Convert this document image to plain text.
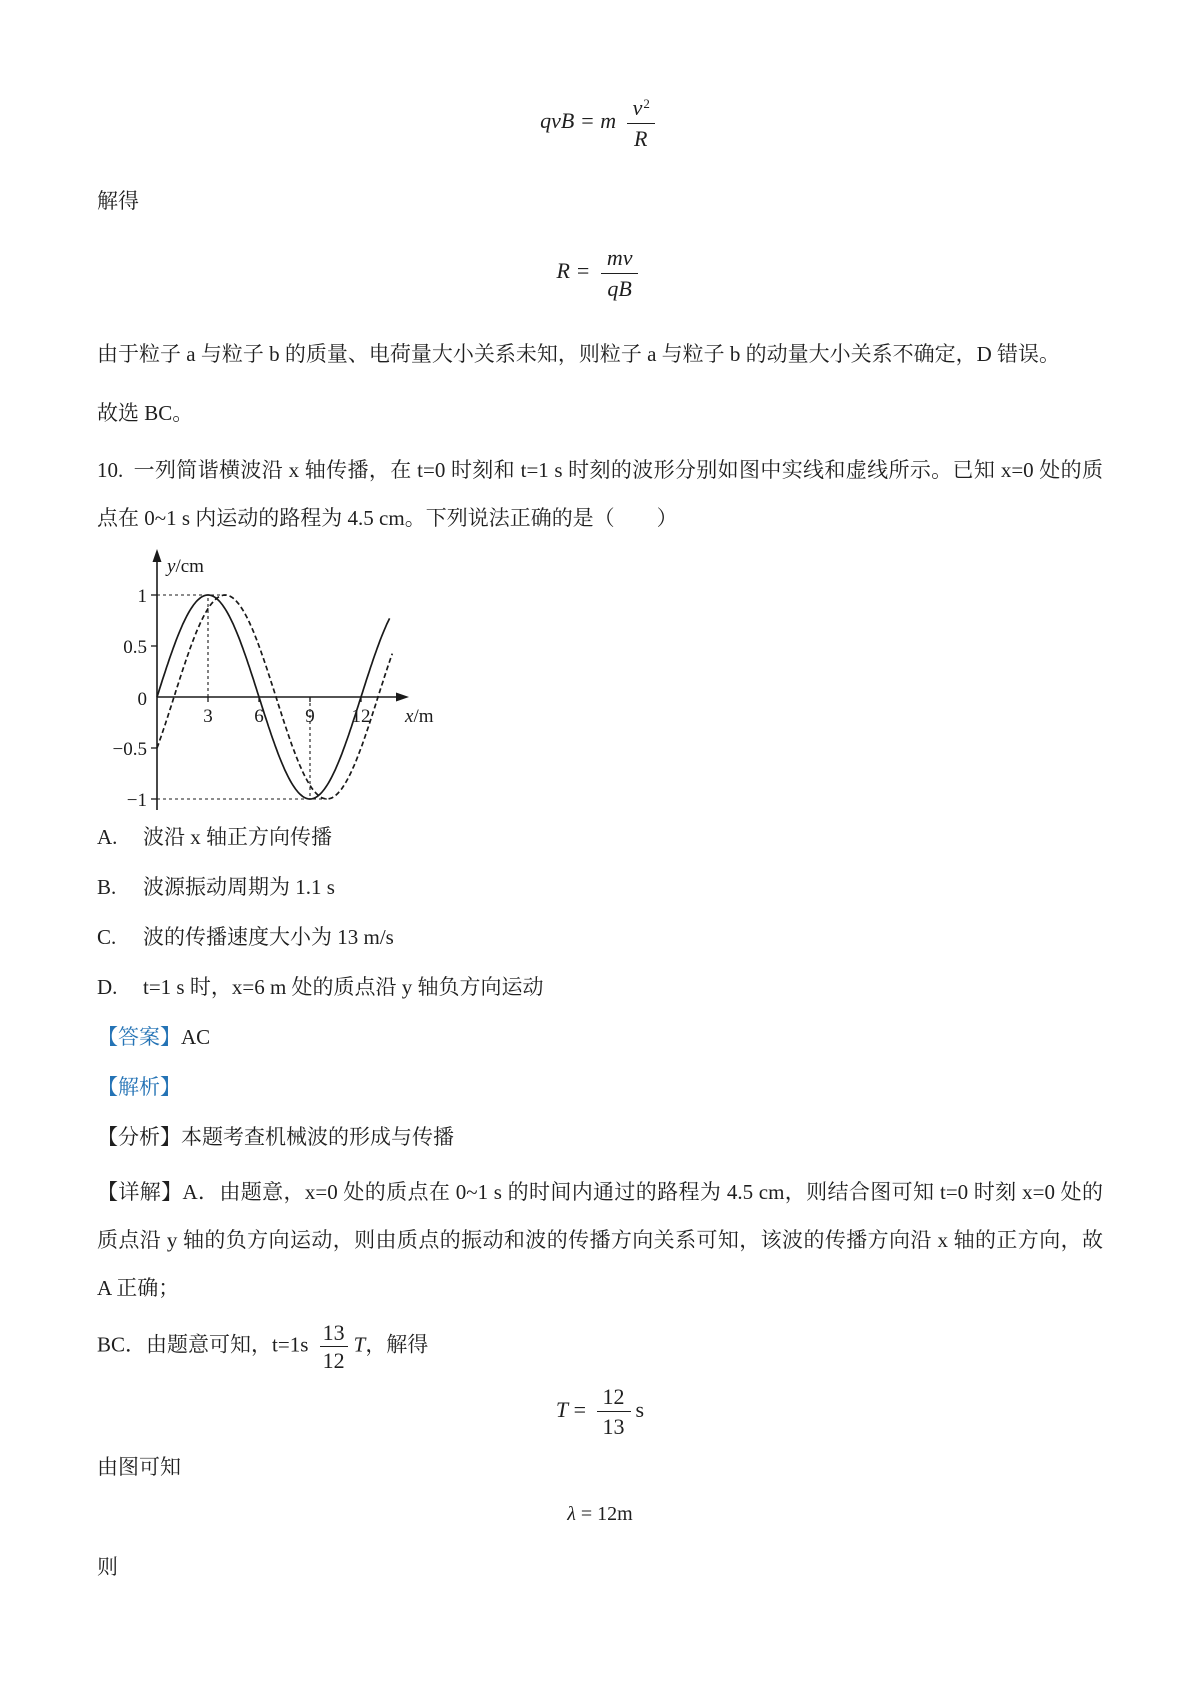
qvB = m $\frac{v^2}{R}$
解得
$R = \frac{mv}{qB}$
由于粒子 a 与粒子 b 的质量、电荷量大小关系未知，则粒子 a 与粒子 b 的动量大小关系不确定，D 错误。
故选 BC。
10. 一列简谐横波沿 x 轴传播，在 t=0 时刻和 t=1 s 时刻的波形分别如图中实线和虚线所示。已知 x=0 处的质点在 0~1 s 内运动的路程为 4.5 cm。下列说法正确的是（　　）
y/cm
x/m
3 6 9 12
1
0.5
0
−0.5
−1
A. 波沿 x 轴正方向传播
B. 波源振动周期为 1.1 s
C. 波的传播速度大小为 13 m/s
D. t=1 s 时，x=6 m 处的质点沿 y 轴负方向运动
【答案】AC
【解析】
【分析】本题考查机械波的形成与传播
【详解】A．由题意，x=0 处的质点在 0~1 s 的时间内通过的路程为 4.5 cm，则结合图可知 t=0 时刻 x=0 处的质点沿 y 轴的负方向运动，则由质点的振动和波的传播方向关系可知，该波的传播方向沿 x 轴的正方向，故 A 正确；
BC．由题意可知，$t=1s \frac{13}{12}$ T，解得
$T = \frac{12}{13}$ s
由图可知
λ = 12m
则
